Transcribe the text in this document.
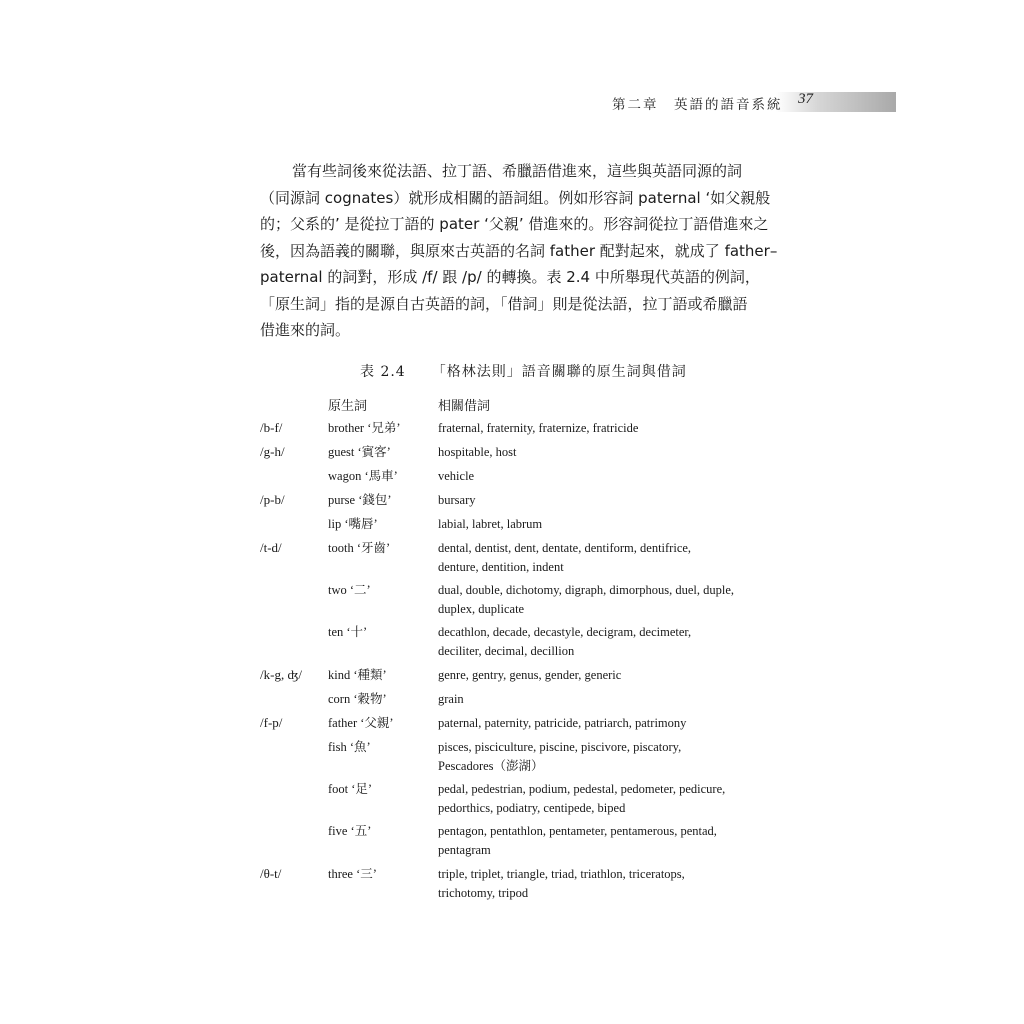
第二章　英語的語音系統 37
當有些詞後來從法語、拉丁語、希臘語借進來，這些與英語同源的詞
（同源詞 cognates）就形成相關的語詞組。例如形容詞 paternal ‘如父親般
的；父系的’ 是從拉丁語的 pater ‘父親’ 借進來的。形容詞從拉丁語借進來之
後，因為語義的關聯，與原來古英語的名詞 father 配對起來，就成了 father–
paternal 的詞對，形成 /f/ 跟 /p/ 的轉換。表 2.4 中所舉現代英語的例詞，
「原生詞」指的是源自古英語的詞，「借詞」則是從法語，拉丁語或希臘語
借進來的詞。
表 2.4 「格林法則」語音關聯的原生詞與借詞
原生詞	相關借詞
/b-f/	brother ‘兄弟’	fraternal, fraternity, fraternize, fratricide
/g-h/	guest ‘賓客’	hospitable, host
wagon ‘馬車’	vehicle
/p-b/	purse ‘錢包’	bursary
lip ‘嘴唇’	labial, labret, labrum
/t-d/	tooth ‘牙齒’	dental, dentist, dent, dentate, dentiform, dentifrice,
denture, dentition, indent
two ‘二’	dual, double, dichotomy, digraph, dimorphous, duel, duple,
duplex, duplicate
ten ‘十’	decathlon, decade, decastyle, decigram, decimeter,
deciliter, decimal, decillion
/k-g, ʤ/ kind ‘種類’	genre, gentry, genus, gender, generic
corn ‘穀物’	grain
/f-p/	father ‘父親’	paternal, paternity, patricide, patriarch, patrimony
fish ‘魚’	pisces, pisciculture, piscine, piscivore, piscatory,
Pescadores（澎湖）
foot ‘足’	pedal, pedestrian, podium, pedestal, pedometer, pedicure,
pedorthics, podiatry, centipede, biped
five ‘五’	pentagon, pentathlon, pentameter, pentamerous, pentad,
pentagram
/θ-t/	three ‘三’	triple, triplet, triangle, triad, triathlon, triceratops,
trichotomy, tripod
